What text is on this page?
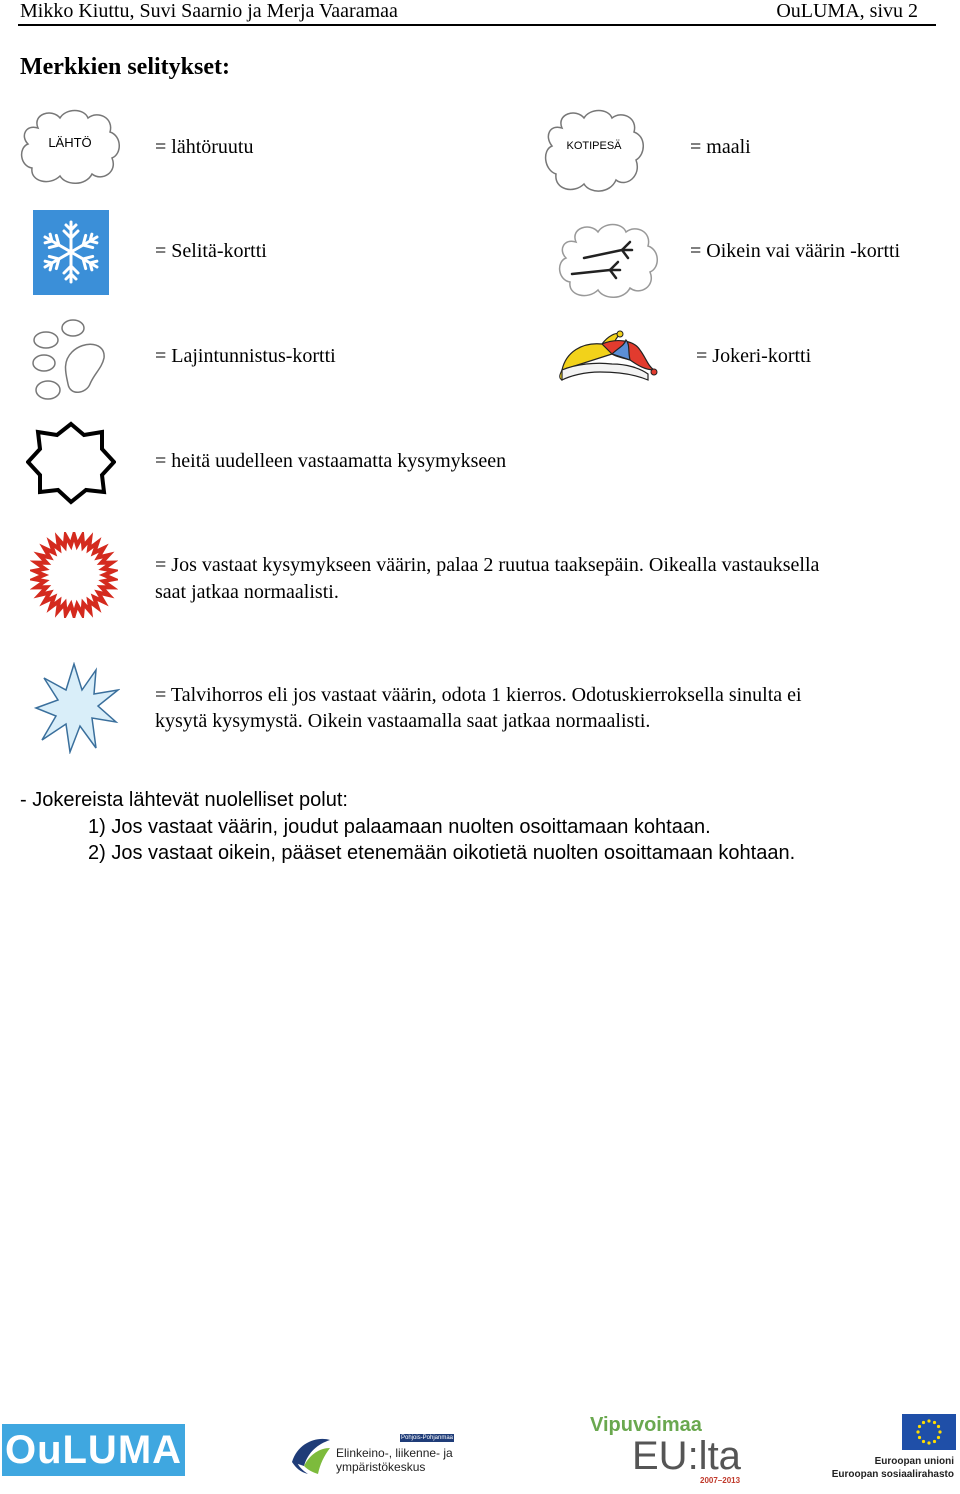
Mikko Kiuttu, Suvi Saarnio ja Merja Vaaramaa	OuLUMA, sivu 2
Merkkien selitykset:
LÄHTÖ	= lähtöruutu	KOTIPESÄ	= maali
= Selitä-kortti	= Oikein vai väärin -kortti
= Lajintunnistus-kortti	= Jokeri-kortti
= heitä uudelleen vastaamatta kysymykseen
= Jos vastaat kysymykseen väärin, palaa 2 ruutua taaksepäin. Oikealla vastauksella
saat jatkaa normaalisti.
= Talvihorros eli jos vastaat väärin, odota 1 kierros. Odotuskierroksella sinulta ei
kysytä kysymystä. Oikein vastaamalla saat jatkaa normaalisti.
- Jokereista lähtevät nuolelliset polut:
1) Jos vastaat väärin, joudut palaamaan nuolten osoittamaan kohtaan.
2) Jos vastaat oikein, pääset etenemään oikotietä nuolten osoittamaan kohtaan.
OuLUMA	Pohjois-Pohjanmaa
Elinkeino-, liikenne- ja
ympäristökeskus
Vipuvoimaa
EU:lta
2007–2013
Euroopan unioni
Euroopan sosiaalirahasto
